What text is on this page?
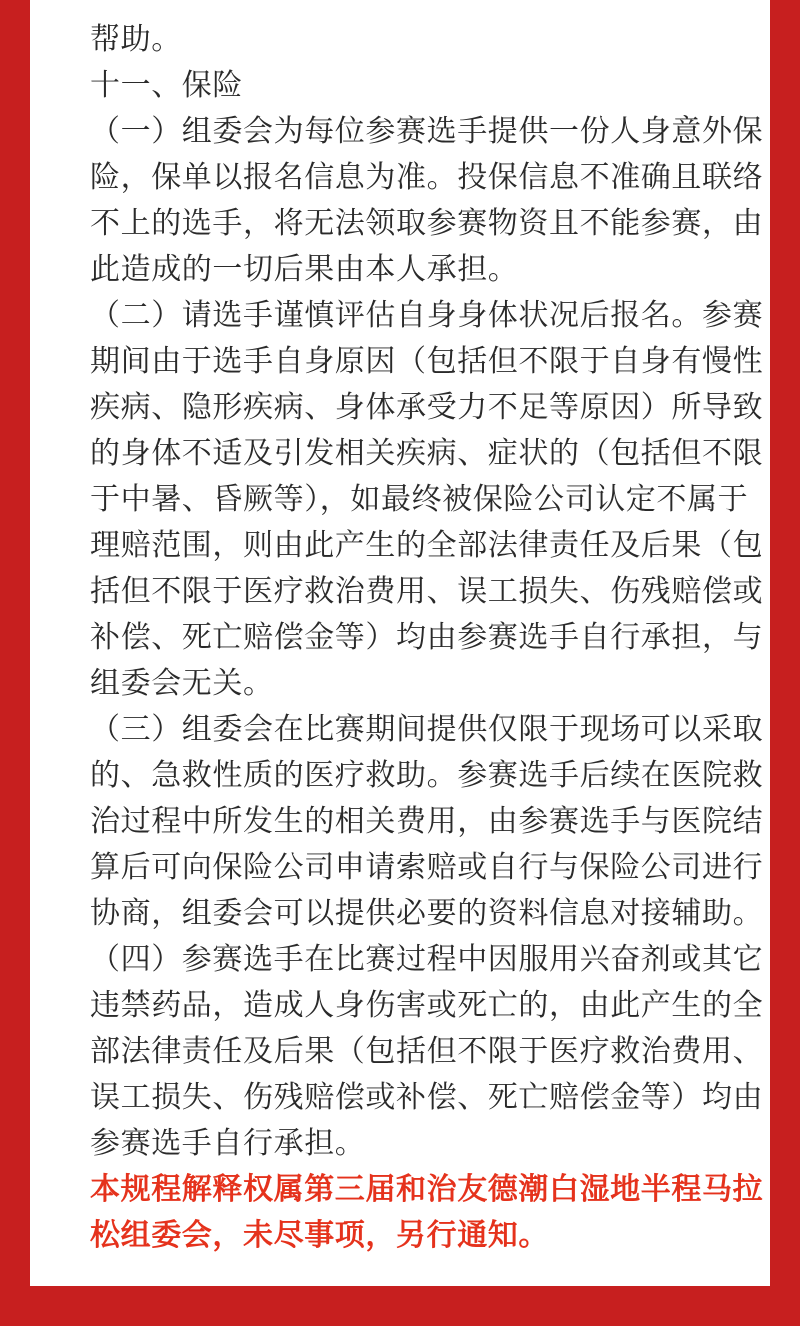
帮助。
十一、保险
（一）组委会为每位参赛选手提供一份人身意外保
险，保单以报名信息为准。投保信息不准确且联络
不上的选手，将无法领取参赛物资且不能参赛，由
此造成的一切后果由本人承担。
（二）请选手谨慎评估自身身体状况后报名。参赛
期间由于选手自身原因（包括但不限于自身有慢性
疾病、隐形疾病、身体承受力不足等原因）所导致
的身体不适及引发相关疾病、症状的（包括但不限
于中暑、昏厥等），如最终被保险公司认定不属于
理赔范围，则由此产生的全部法律责任及后果（包
括但不限于医疗救治费用、误工损失、伤残赔偿或
补偿、死亡赔偿金等）均由参赛选手自行承担，与
组委会无关。
（三）组委会在比赛期间提供仅限于现场可以采取
的、急救性质的医疗救助。参赛选手后续在医院救
治过程中所发生的相关费用，由参赛选手与医院结
算后可向保险公司申请索赔或自行与保险公司进行
协商，组委会可以提供必要的资料信息对接辅助。
（四）参赛选手在比赛过程中因服用兴奋剂或其它
违禁药品，造成人身伤害或死亡的，由此产生的全
部法律责任及后果（包括但不限于医疗救治费用、
误工损失、伤残赔偿或补偿、死亡赔偿金等）均由
参赛选手自行承担。
本规程解释权属第三届和治友德潮白湿地半程马拉
松组委会，未尽事项，另行通知。
